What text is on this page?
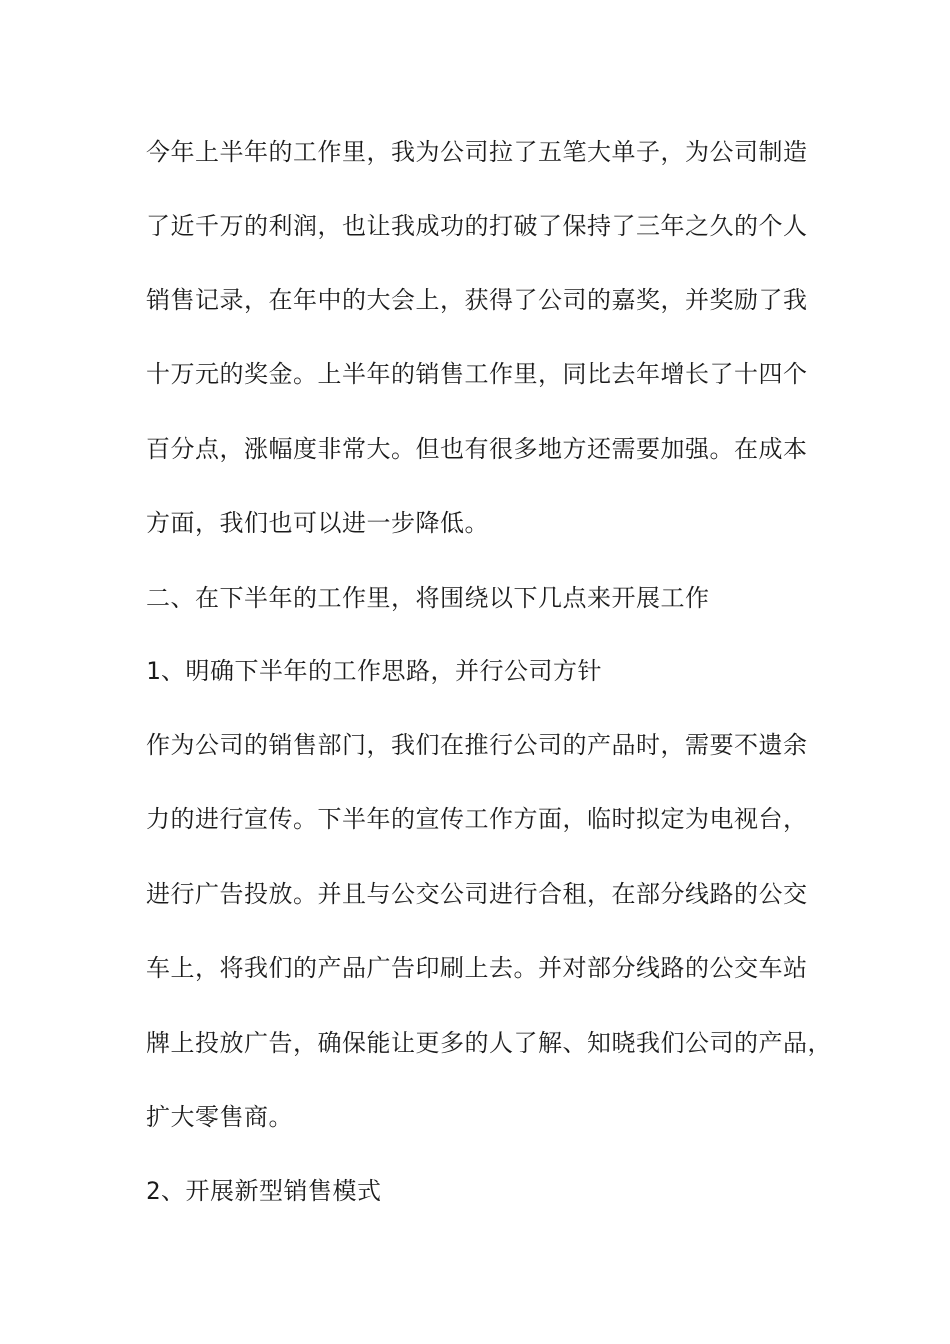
今年上半年的工作里，我为公司拉了五笔大单子，为公司制造
了近千万的利润，也让我成功的打破了保持了三年之久的个人
销售记录，在年中的大会上，获得了公司的嘉奖，并奖励了我
十万元的奖金。上半年的销售工作里，同比去年增长了十四个
百分点，涨幅度非常大。但也有很多地方还需要加强。在成本
方面，我们也可以进一步降低。
二、在下半年的工作里，将围绕以下几点来开展工作
1、明确下半年的工作思路，并行公司方针
作为公司的销售部门，我们在推行公司的产品时，需要不遗余
力的进行宣传。下半年的宣传工作方面，临时拟定为电视台，
进行广告投放。并且与公交公司进行合租，在部分线路的公交
车上，将我们的产品广告印刷上去。并对部分线路的公交车站
牌上投放广告，确保能让更多的人了解、知晓我们公司的产品，
扩大零售商。
2、开展新型销售模式
